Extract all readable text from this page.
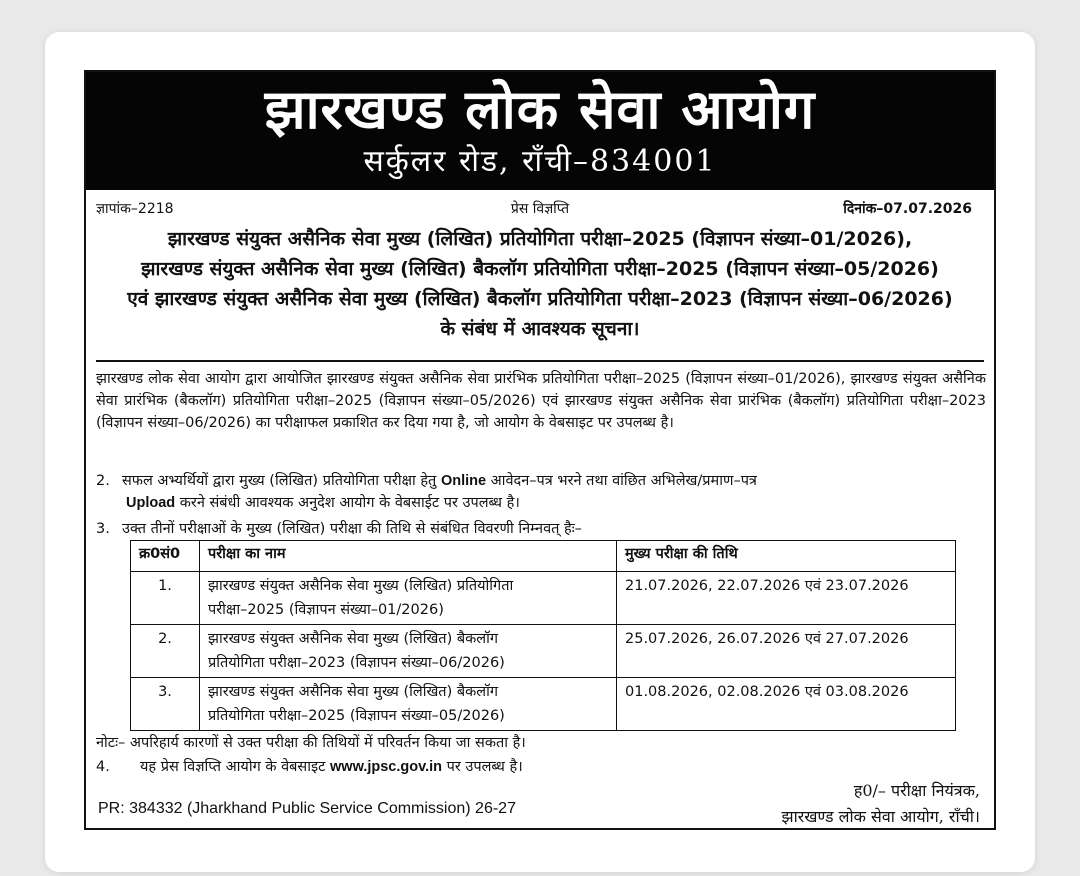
झारखण्ड लोक सेवा आयोग
सर्कुलर रोड, राँची–834001
ज्ञापांक–2218	प्रेस विज्ञप्ति	दिनांक–07.07.2026
झारखण्ड संयुक्त असैनिक सेवा मुख्य (लिखित) प्रतियोगिता परीक्षा–2025 (विज्ञापन संख्या–01/2026),
झारखण्ड संयुक्त असैनिक सेवा मुख्य (लिखित) बैकलॉग प्रतियोगिता परीक्षा–2025 (विज्ञापन संख्या–05/2026)
एवं झारखण्ड संयुक्त असैनिक सेवा मुख्य (लिखित) बैकलॉग प्रतियोगिता परीक्षा–2023 (विज्ञापन संख्या–06/2026)
के संबंध में आवश्यक सूचना।
झारखण्ड लोक सेवा आयोग द्वारा आयोजित झारखण्ड संयुक्त असैनिक सेवा प्रारंभिक प्रतियोगिता परीक्षा–2025 (विज्ञापन संख्या–01/2026), झारखण्ड संयुक्त असैनिक सेवा प्रारंभिक (बैकलॉग) प्रतियोगिता परीक्षा–2025 (विज्ञापन संख्या–05/2026) एवं झारखण्ड संयुक्त असैनिक सेवा प्रारंभिक (बैकलॉग) प्रतियोगिता परीक्षा–2023 (विज्ञापन संख्या–06/2026) का परीक्षाफल प्रकाशित कर दिया गया है, जो आयोग के वेबसाइट पर उपलब्ध है।
2. सफल अभ्यर्थियों द्वारा मुख्य (लिखित) प्रतियोगिता परीक्षा हेतु Online आवेदन–पत्र भरने तथा वांछित अभिलेख/प्रमाण–पत्र
Upload करने संबंधी आवश्यक अनुदेश आयोग के वेबसाईट पर उपलब्ध है।
3. उक्त तीनों परीक्षाओं के मुख्य (लिखित) परीक्षा की तिथि से संबंधित विवरणी निम्नवत् हैः–
क्र0सं0	परीक्षा का नाम	मुख्य परीक्षा की तिथि
1.	झारखण्ड संयुक्त असैनिक सेवा मुख्य (लिखित) प्रतियोगिता
परीक्षा–2025 (विज्ञापन संख्या–01/2026)	21.07.2026, 22.07.2026 एवं 23.07.2026
2.	झारखण्ड संयुक्त असैनिक सेवा मुख्य (लिखित) बैकलॉग
प्रतियोगिता परीक्षा–2023 (विज्ञापन संख्या–06/2026)	25.07.2026, 26.07.2026 एवं 27.07.2026
3.	झारखण्ड संयुक्त असैनिक सेवा मुख्य (लिखित) बैकलॉग
प्रतियोगिता परीक्षा–2025 (विज्ञापन संख्या–05/2026)	01.08.2026, 02.08.2026 एवं 03.08.2026
नोटः– अपरिहार्य कारणों से उक्त परीक्षा की तिथियों में परिवर्तन किया जा सकता है।
4. यह प्रेस विज्ञप्ति आयोग के वेबसाइट www.jpsc.gov.in पर उपलब्ध है।
ह0/– परीक्षा नियंत्रक,
झारखण्ड लोक सेवा आयोग, राँची।
PR: 384332 (Jharkhand Public Service Commission) 26-27
